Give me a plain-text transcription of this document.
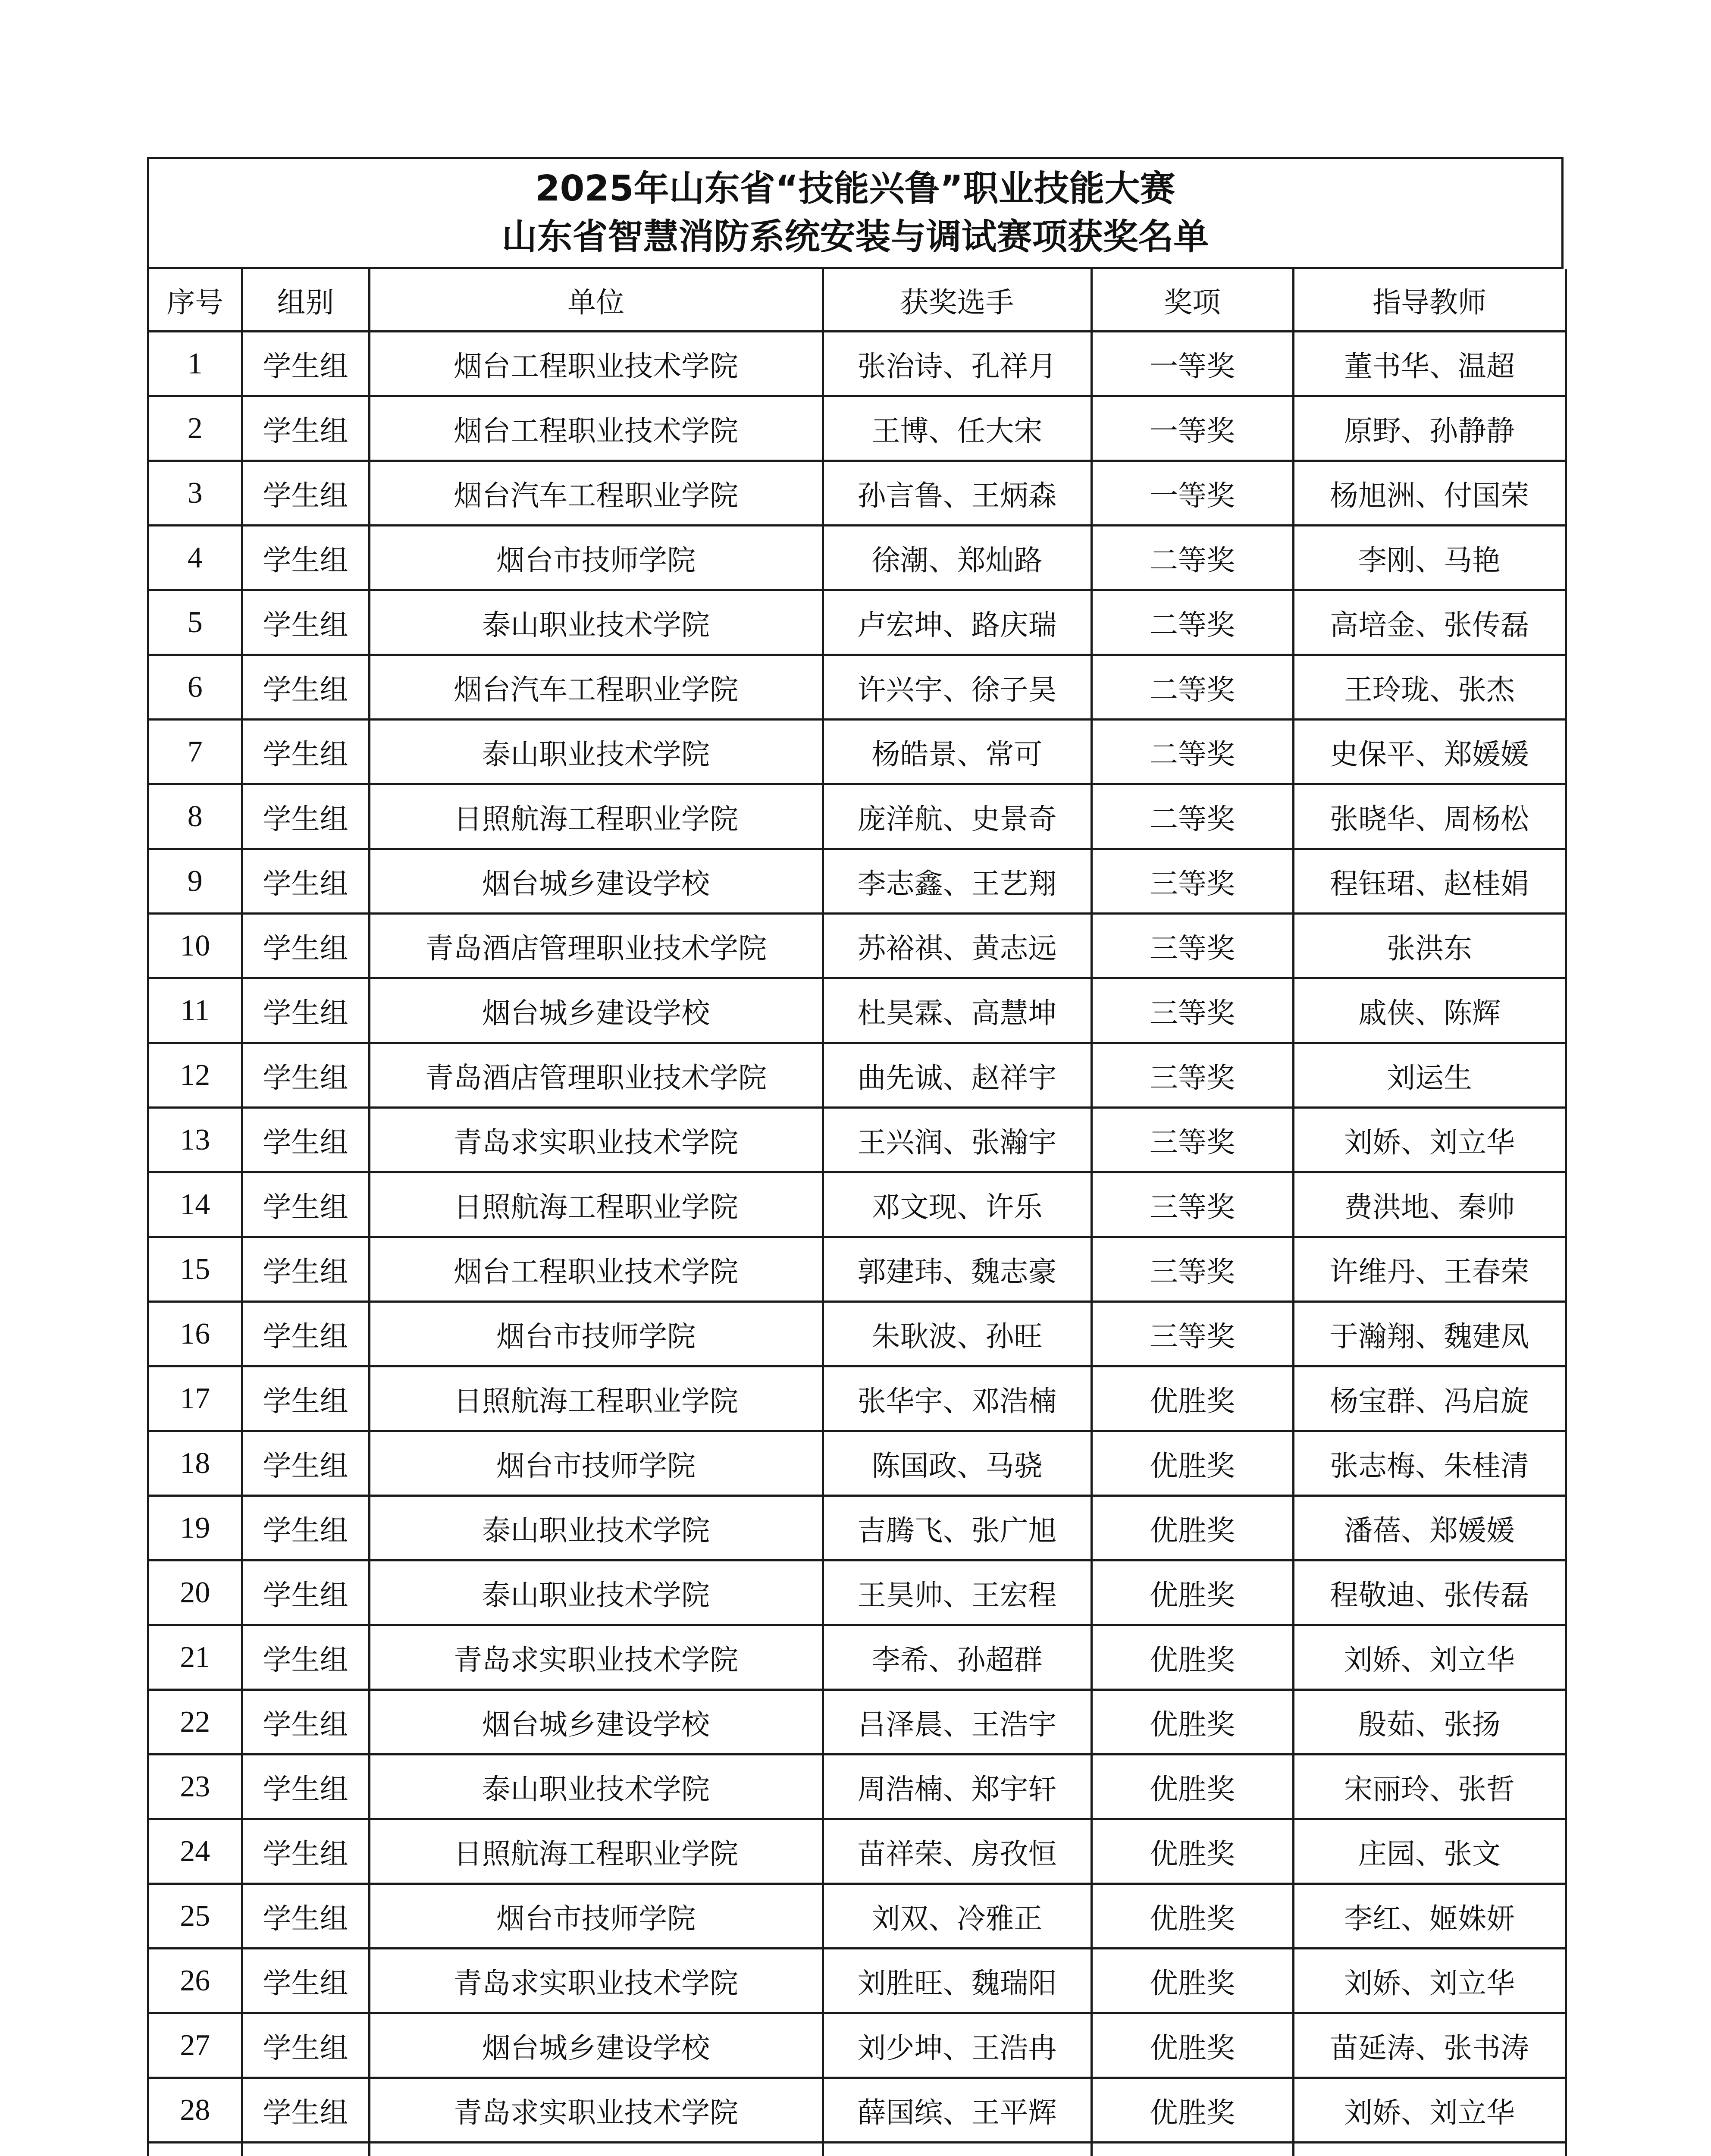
2025年山东省“技能兴鲁”职业技能大赛
山东省智慧消防系统安装与调试赛项获奖名单
序号	组别	单位	获奖选手	奖项	指导教师
1	学生组	烟台工程职业技术学院	张治诗、孔祥月	一等奖	董书华、温超
2	学生组	烟台工程职业技术学院	王博、任大宋	一等奖	原野、孙静静
3	学生组	烟台汽车工程职业学院	孙言鲁、王炳森	一等奖	杨旭洲、付国荣
4	学生组	烟台市技师学院	徐潮、郑灿路	二等奖	李刚、马艳
5	学生组	泰山职业技术学院	卢宏坤、路庆瑞	二等奖	高培金、张传磊
6	学生组	烟台汽车工程职业学院	许兴宇、徐子昊	二等奖	王玲珑、张杰
7	学生组	泰山职业技术学院	杨皓景、常可	二等奖	史保平、郑媛媛
8	学生组	日照航海工程职业学院	庞洋航、史景奇	二等奖	张晓华、周杨松
9	学生组	烟台城乡建设学校	李志鑫、王艺翔	三等奖	程钰珺、赵桂娟
10	学生组	青岛酒店管理职业技术学院	苏裕祺、黄志远	三等奖	张洪东
11	学生组	烟台城乡建设学校	杜昊霖、高慧坤	三等奖	戚侠、陈辉
12	学生组	青岛酒店管理职业技术学院	曲先诚、赵祥宇	三等奖	刘运生
13	学生组	青岛求实职业技术学院	王兴润、张瀚宇	三等奖	刘娇、刘立华
14	学生组	日照航海工程职业学院	邓文现、许乐	三等奖	费洪地、秦帅
15	学生组	烟台工程职业技术学院	郭建玮、魏志豪	三等奖	许维丹、王春荣
16	学生组	烟台市技师学院	朱耿波、孙旺	三等奖	于瀚翔、魏建凤
17	学生组	日照航海工程职业学院	张华宇、邓浩楠	优胜奖	杨宝群、冯启旋
18	学生组	烟台市技师学院	陈国政、马骁	优胜奖	张志梅、朱桂清
19	学生组	泰山职业技术学院	吉腾飞、张广旭	优胜奖	潘蓓、郑媛媛
20	学生组	泰山职业技术学院	王昊帅、王宏程	优胜奖	程敬迪、张传磊
21	学生组	青岛求实职业技术学院	李希、孙超群	优胜奖	刘娇、刘立华
22	学生组	烟台城乡建设学校	吕泽晨、王浩宇	优胜奖	殷茹、张扬
23	学生组	泰山职业技术学院	周浩楠、郑宇轩	优胜奖	宋丽玲、张哲
24	学生组	日照航海工程职业学院	苗祥荣、房孜恒	优胜奖	庄园、张文
25	学生组	烟台市技师学院	刘双、冷雅正	优胜奖	李红、姬姝妍
26	学生组	青岛求实职业技术学院	刘胜旺、魏瑞阳	优胜奖	刘娇、刘立华
27	学生组	烟台城乡建设学校	刘少坤、王浩冉	优胜奖	苗延涛、张书涛
28	学生组	青岛求实职业技术学院	薛国缤、王平辉	优胜奖	刘娇、刘立华
